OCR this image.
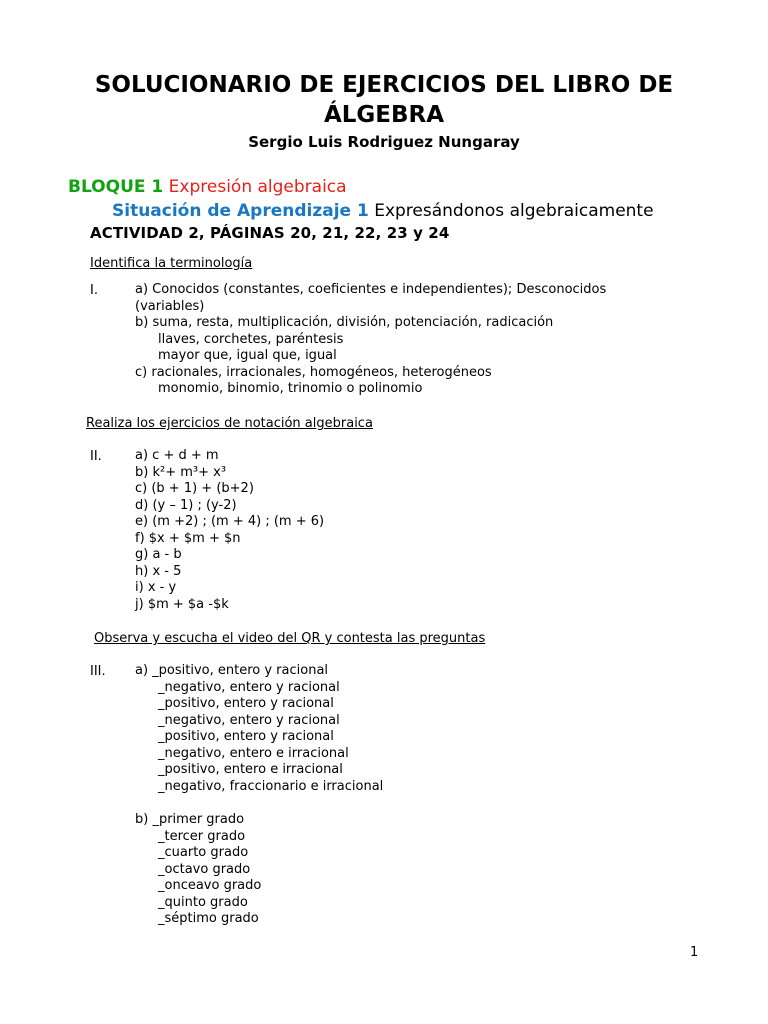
SOLUCIONARIO DE EJERCICIOS DEL LIBRO DE
ÁLGEBRA
Sergio Luis Rodriguez Nungaray
BLOQUE 1 Expresión algebraica
Situación de Aprendizaje 1 Expresándonos algebraicamente
ACTIVIDAD 2, PÁGINAS 20, 21, 22, 23 y 24
Identifica la terminología
I.	a) Conocidos (constantes, coeficientes e independientes); Desconocidos
(variables)
b) suma, resta, multiplicación, división, potenciación, radicación
llaves, corchetes, paréntesis
mayor que, igual que, igual
c) racionales, irracionales, homogéneos, heterogéneos
monomio, binomio, trinomio o polinomio
Realiza los ejercicios de notación algebraica
II.	a) c + d + m
b) k²+ m³+ x³
c) (b + 1) + (b+2)
d) (y – 1) ; (y-2)
e) (m +2) ; (m + 4) ; (m + 6)
f) $x + $m + $n
g) a - b
h) x - 5
i) x - y
j) $m + $a -$k
Observa y escucha el video del QR y contesta las preguntas
III. a) _positivo, entero y racional
_negativo, entero y racional
_positivo, entero y racional
_negativo, entero y racional
_positivo, entero y racional
_negativo, entero e irracional
_positivo, entero e irracional
_negativo, fraccionario e irracional
b) _primer grado
_tercer grado
_cuarto grado
_octavo grado
_onceavo grado
_quinto grado
_séptimo grado
1
